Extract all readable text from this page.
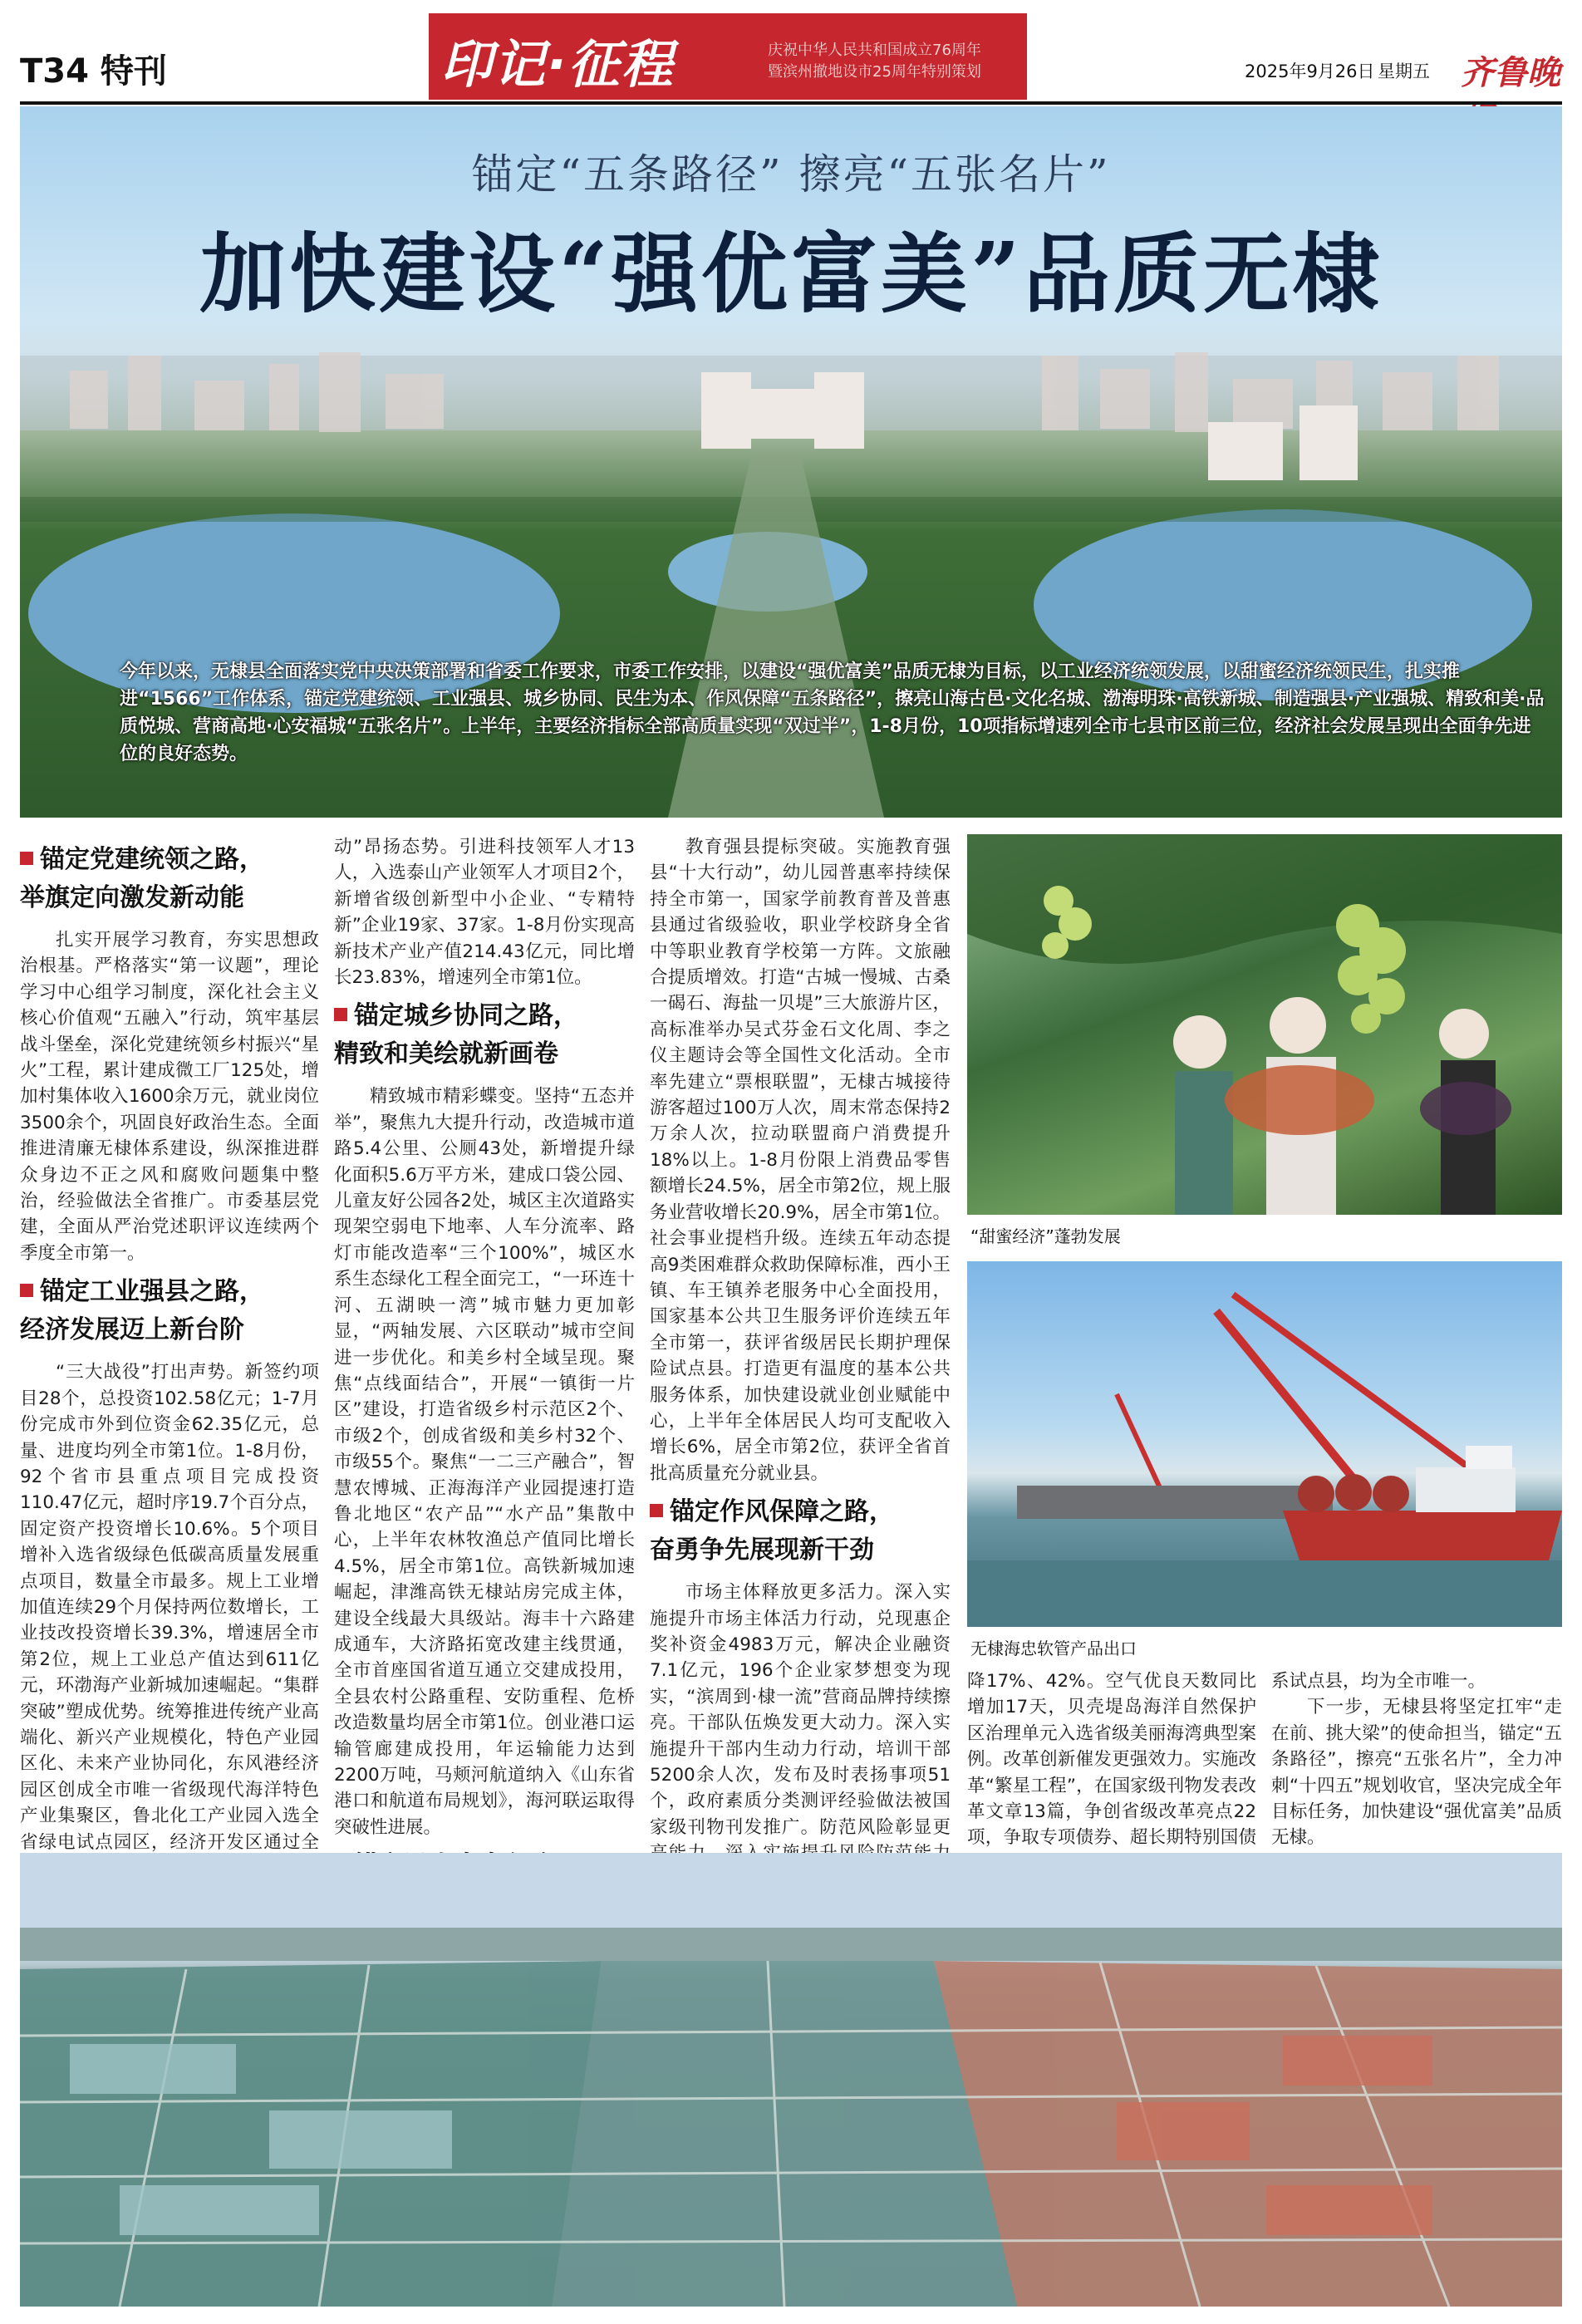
T34 特刊	印记·征程	庆祝中华人民共和国成立76周年
暨滨州撤地设市25周年特别策划	2025年9月26日 星期五 齐鲁晚
锚定“五条路径” 擦亮“五张名片”
加快建设“强优富美”品质无棣
今年以来，无棣县全面落实党中央决策部署和省委工作要求，市委工作安排，以建设“强优富美”品质无棣为目标，以工业经济统领发展，以甜蜜经济统领民生，扎实推进“1566”工作体系，锚定党建统领、工业强县、城乡协同、民生为本、作风保障“五条路径”，擦亮山海古邑·文化名城、渤海明珠·高铁新城、制造强县·产业强城、精致和美·品质悦城、营商高地·心安福城“五张名片”。上半年，主要经济指标全部高质量实现“双过半”，1-8月份，10项指标增速列全市七县市区前三位，经济社会发展呈现出全面争先进位的良好态势。
锚定党建统领之路，
举旗定向激发新动能

扎实开展学习教育，夯实思想政治根基。严格落实“第一议题”，理论学习中心组学习制度，深化社会主义核心价值观“五融入”行动，筑牢基层战斗堡垒，深化党建统领乡村振兴“星火”工程，累计建成微工厂125处，增加村集体收入1600余万元，就业岗位3500余个，巩固良好政治生态。全面推进清廉无棣体系建设，纵深推进群众身边不正之风和腐败问题集中整治，经验做法全省推广。市委基层党建，全面从严治党述职评议连续两个季度全市第一。

锚定工业强县之路，
经济发展迈上新台阶

“三大战役”打出声势。新签约项目28个，总投资102.58亿元；1-7月份完成市外到位资金62.35亿元，总量、进度均列全市第1位。1-8月份，92个省市县重点项目完成投资110.47亿元，超时序19.7个百分点，固定资产投资增长10.6%。5个项目增补入选省级绿色低碳高质量发展重点项目，数量全市最多。规上工业增加值连续29个月保持两位数增长，工业技改投资增长39.3%，增速居全市第2位，规上工业总产值达到611亿元，环渤海产业新城加速崛起。“集群突破”塑成优势。统筹推进传统产业高端化、新兴产业规模化，特色产业园区化、未来产业协同化，东风港经济园区创成全市唯一省级现代海洋特色产业集聚区，鲁北化工产业园入选全省绿电试点园区，经济开发区通过全

动”昂扬态势。引进科技领军人才13人，入选泰山产业领军人才项目2个，新增省级创新型中小企业、“专精特新”企业19家、37家。1-8月份实现高新技术产业产值214.43亿元，同比增长23.83%，增速列全市第1位。

锚定城乡协同之路，
精致和美绘就新画卷

精致城市精彩蝶变。坚持“五态并举”，聚焦九大提升行动，改造城市道路5.4公里、公厕43处，新增提升绿化面积5.6万平方米，建成口袋公园、儿童友好公园各2处，城区主次道路实现架空弱电下地率、人车分流率、路灯市能改造率“三个100%”，城区水系生态绿化工程全面完工，“一环连十河、五湖映一湾”城市魅力更加彰显，“两轴发展、六区联动”城市空间进一步优化。和美乡村全域呈现。聚焦“点线面结合”，开展“一镇街一片区”建设，打造省级乡村示范区2个、市级2个，创成省级和美乡村32个、市级55个。聚焦“一二三产融合”，智慧农博城、正海海洋产业园提速打造鲁北地区“农产品”“水产品”集散中心，上半年农林牧渔总产值同比增长4.5%，居全市第1位。高铁新城加速崛起，津潍高铁无棣站房完成主体，建设全线最大具级站。海丰十六路建成通车，大济路拓宽改建主线贯通，全市首座国省道互通立交建成投用，全县农村公路重程、安防重程、危桥改造数量均居全市第1位。创业港口运输管廊建成投用，年运输能力达到2200万吨，马颊河航道纳入《山东省港口和航道布局规划》，海河联运取得突破性进展。

教育强县提标突破。实施教育强县“十大行动”，幼儿园普惠率持续保持全市第一，国家学前教育普及普惠县通过省级验收，职业学校跻身全省中等职业教育学校第一方阵。文旅融合提质增效。打造“古城一慢城、古桑一碣石、海盐一贝堤”三大旅游片区，高标准举办吴式芬金石文化周、李之仪主题诗会等全国性文化活动。全市率先建立“票根联盟”，无棣古城接待游客超过100万人次，周末常态保持2万余人次，拉动联盟商户消费提升18%以上。1-8月份限上消费品零售额增长24.5%，居全市第2位，规上服务业营收增长20.9%，居全市第1位。社会事业提档升级。连续五年动态提高9类困难群众救助保障标准，西小王镇、车王镇养老服务中心全面投用，国家基本公共卫生服务评价连续五年全市第一，获评省级居民长期护理保险试点县。打造更有温度的基本公共服务体系，加快建设就业创业赋能中心，上半年全体居民人均可支配收入增长6%，居全市第2位，获评全省首批高质量充分就业县。

锚定作风保障之路，
奋勇争先展现新干劲

市场主体释放更多活力。深入实施提升市场主体活力行动，兑现惠企奖补资金4983万元，解决企业融资7.1亿元，196个企业家梦想变为现实，“滨周到·棣一流”营商品牌持续擦亮。干部队伍焕发更大动力。深入实施提升干部内生动力行动，培训干部5200余人次，发布及时表扬事项51个，政府素质分类测评经验做法被国家级刊物刊发推广。防范风险彰显更

“甜蜜经济”蓬勃发展
无棣海忠软管产品出口

降17%、42%。空气优良天数同比增加17天，贝壳堤岛海洋自然保护区治理单元入选省级美丽海湾典型案例。改革创新催发更强效力。实施改革“繁星工程”，在国家级刊物发表改革文章13篇，争创省级改革亮点22项，争取专项债券、超长期特别国债

系试点县，均为全市唯一。

下一步，无棣县将坚定扛牢“走在前、挑大梁”的使命担当，锚定“五条路径”，擦亮“五张名片”，全力冲刺“十四五”规划收官，坚决完成全年目标任务，加快建设“强优富美”品质无棣。
